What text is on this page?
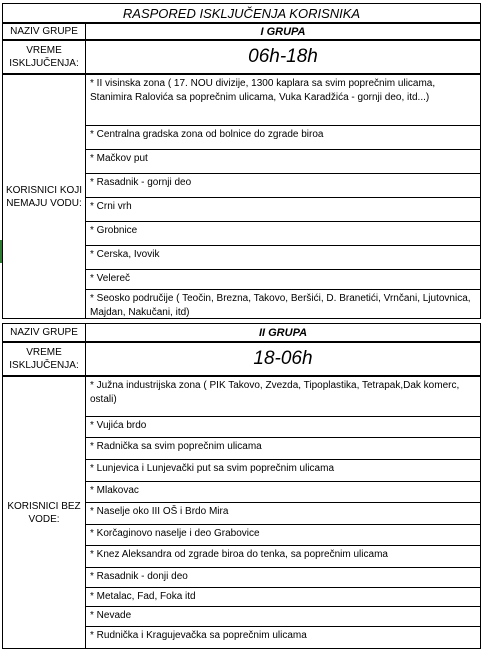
RASPORED ISKLJUČENJA KORISNIKA
NAZIV GRUPE	I GRUPA
VREME ISKLJUČENJA:	06h-18h
KORISNICI KOJI NEMAJU VODU:
* II visinska zona ( 17. NOU divizije, 1300 kaplara sa svim poprečnim ulicama, Stanimira Ralovića sa poprečnim ulicama, Vuka Karadžića - gornji deo, itd...)
* Centralna gradska zona od bolnice do zgrade biroa
* Mačkov put
* Rasadnik - gornji deo
* Crni vrh
* Grobnice
* Cerska, Ivovik
* Velereč
* Seosko područije ( Teočin, Brezna, Takovo, Beršići, D. Branetići, Vrnčani, Ljutovnica, Majdan, Nakučani, itd)
NAZIV GRUPE	II GRUPA
VREME ISKLJUČENJA:	18-06h
KORISNICI BEZ VODE:
* Južna industrijska zona ( PIK Takovo, Zvezda, Tipoplastika, Tetrapak,Dak komerc, ostali)
* Vujića brdo
* Radnička sa svim poprečnim ulicama
* Lunjevica i Lunjevački put sa svim poprečnim ulicama
* Mlakovac
* Naselje oko III OŠ i Brdo Mira
* Korčaginovo naselje i deo Grabovice
* Knez Aleksandra od zgrade biroa do tenka, sa poprečnim ulicama
* Rasadnik - donji deo
* Metalac, Fad, Foka itd
* Nevade
* Rudnička i Kragujevačka sa poprečnim ulicama
